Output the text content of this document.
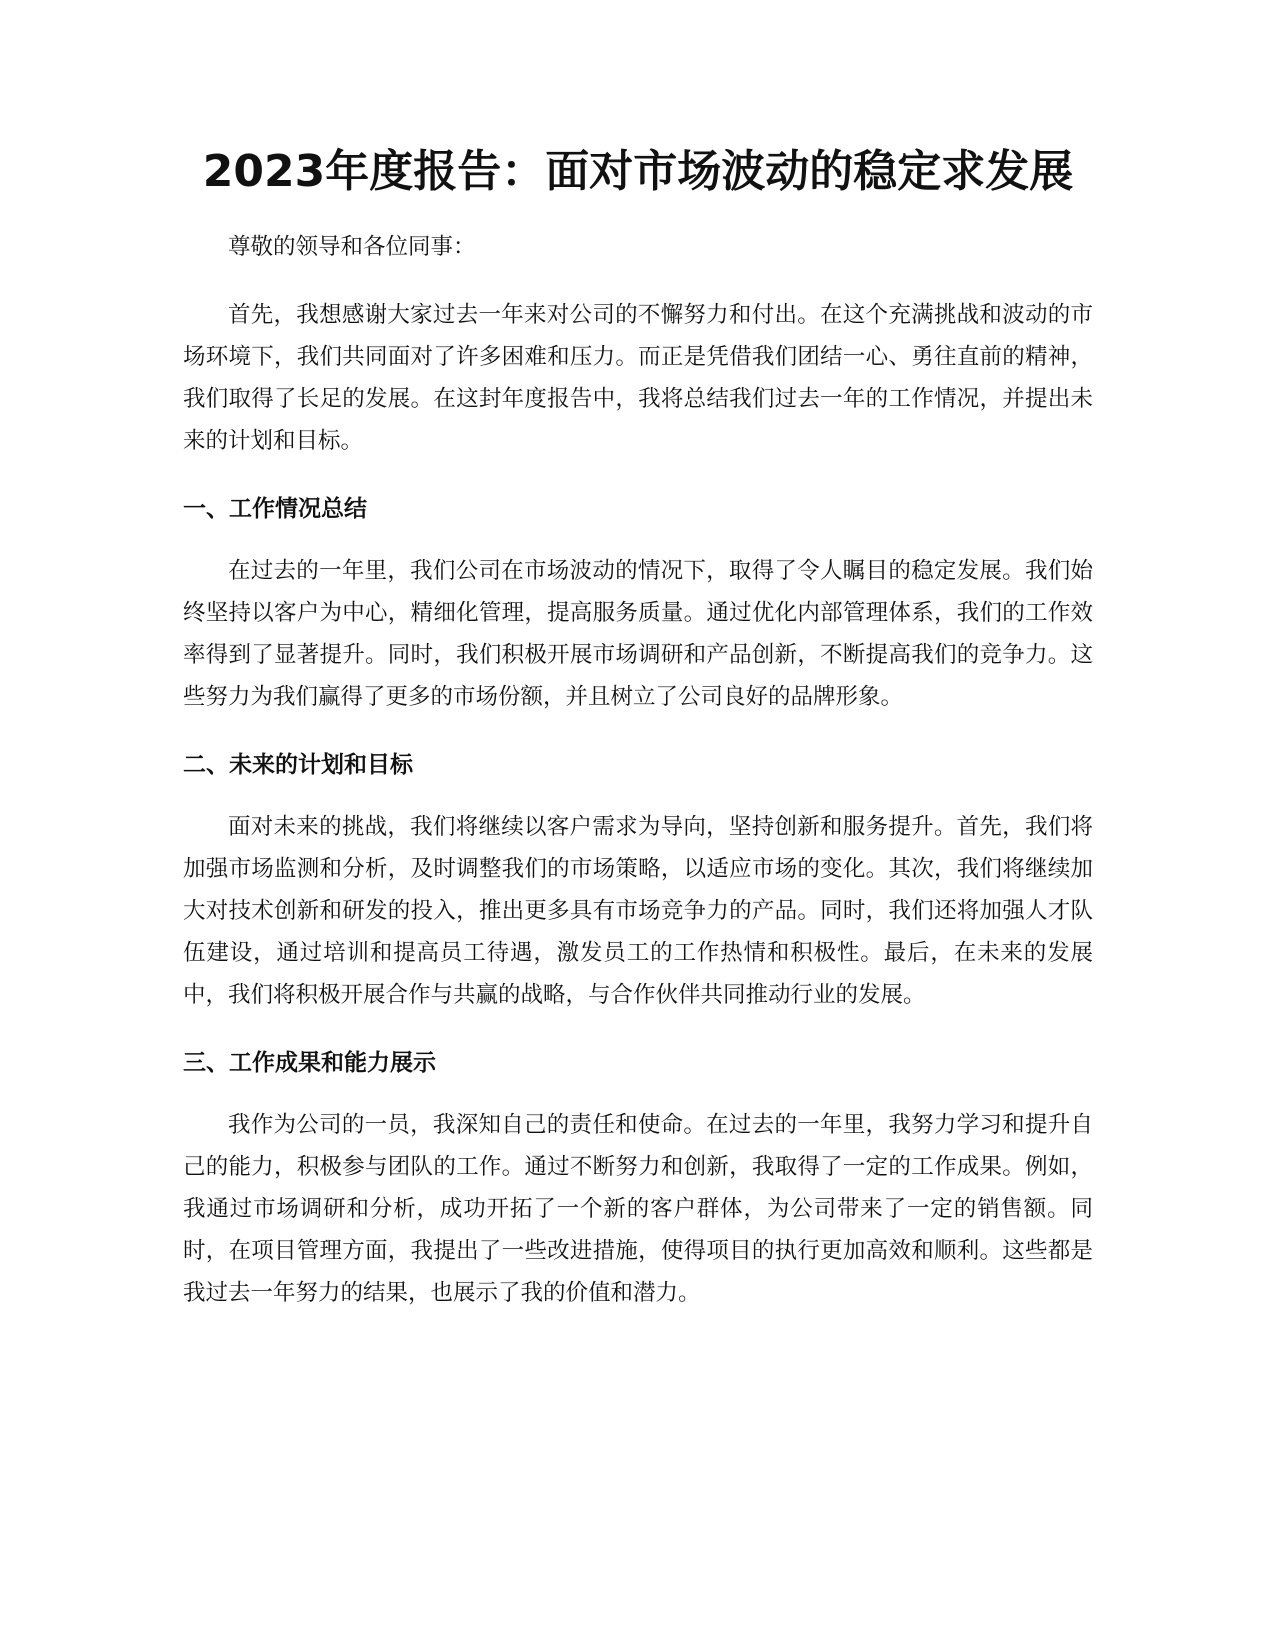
2023年度报告：面对市场波动的稳定求发展

尊敬的领导和各位同事：

首先，我想感谢大家过去一年来对公司的不懈努力和付出。在这个充满挑战和波动的市场环境下，我们共同面对了许多困难和压力。而正是凭借我们团结一心、勇往直前的精神，我们取得了长足的发展。在这封年度报告中，我将总结我们过去一年的工作情况，并提出未来的计划和目标。

一、工作情况总结

在过去的一年里，我们公司在市场波动的情况下，取得了令人瞩目的稳定发展。我们始终坚持以客户为中心，精细化管理，提高服务质量。通过优化内部管理体系，我们的工作效率得到了显著提升。同时，我们积极开展市场调研和产品创新，不断提高我们的竞争力。这些努力为我们赢得了更多的市场份额，并且树立了公司良好的品牌形象。

二、未来的计划和目标

面对未来的挑战，我们将继续以客户需求为导向，坚持创新和服务提升。首先，我们将加强市场监测和分析，及时调整我们的市场策略，以适应市场的变化。其次，我们将继续加大对技术创新和研发的投入，推出更多具有市场竞争力的产品。同时，我们还将加强人才队伍建设，通过培训和提高员工待遇，激发员工的工作热情和积极性。最后，在未来的发展中，我们将积极开展合作与共赢的战略，与合作伙伴共同推动行业的发展。

三、工作成果和能力展示

我作为公司的一员，我深知自己的责任和使命。在过去的一年里，我努力学习和提升自己的能力，积极参与团队的工作。通过不断努力和创新，我取得了一定的工作成果。例如，我通过市场调研和分析，成功开拓了一个新的客户群体，为公司带来了一定的销售额。同时，在项目管理方面，我提出了一些改进措施，使得项目的执行更加高效和顺利。这些都是我过去一年努力的结果，也展示了我的价值和潜力。
